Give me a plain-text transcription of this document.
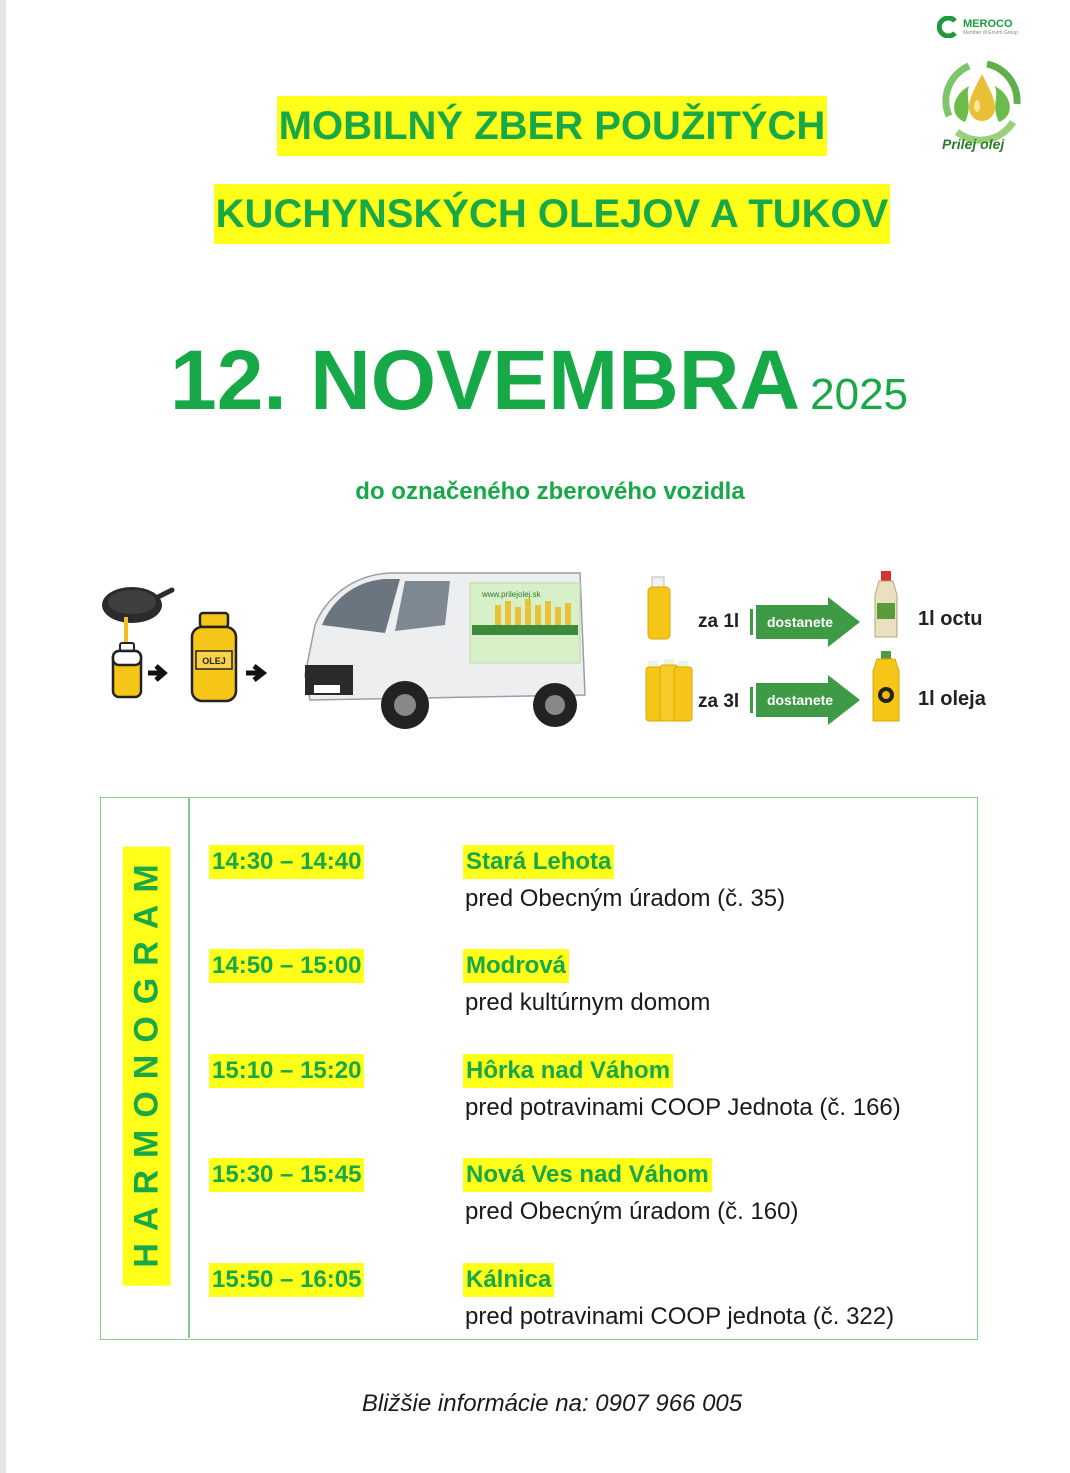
MEROCO
Member of Enviro Group
Prilej olej
MOBILNÝ ZBER POUŽITÝCH
KUCHYNSKÝCH OLEJOV A TUKOV
12. NOVEMBRA 2025
do označeného zberového vozidla
OLEJ
www.prilejolej.sk
za 1l dostanete	1l octu
za 3l dostanete	1l oleja
HARMONOGRAM 14:30 – 14:40	Stará Lehota
pred Obecným úradom (č. 35)
14:50 – 15:00	Modrová
pred kultúrnym domom
15:10 – 15:20	Hôrka nad Váhom
pred potravinami COOP Jednota (č. 166)
15:30 – 15:45	Nová Ves nad Váhom
pred Obecným úradom (č. 160)
15:50 – 16:05	Kálnica
pred potravinami COOP jednota (č. 322)
Bližšie informácie na: 0907 966 005
